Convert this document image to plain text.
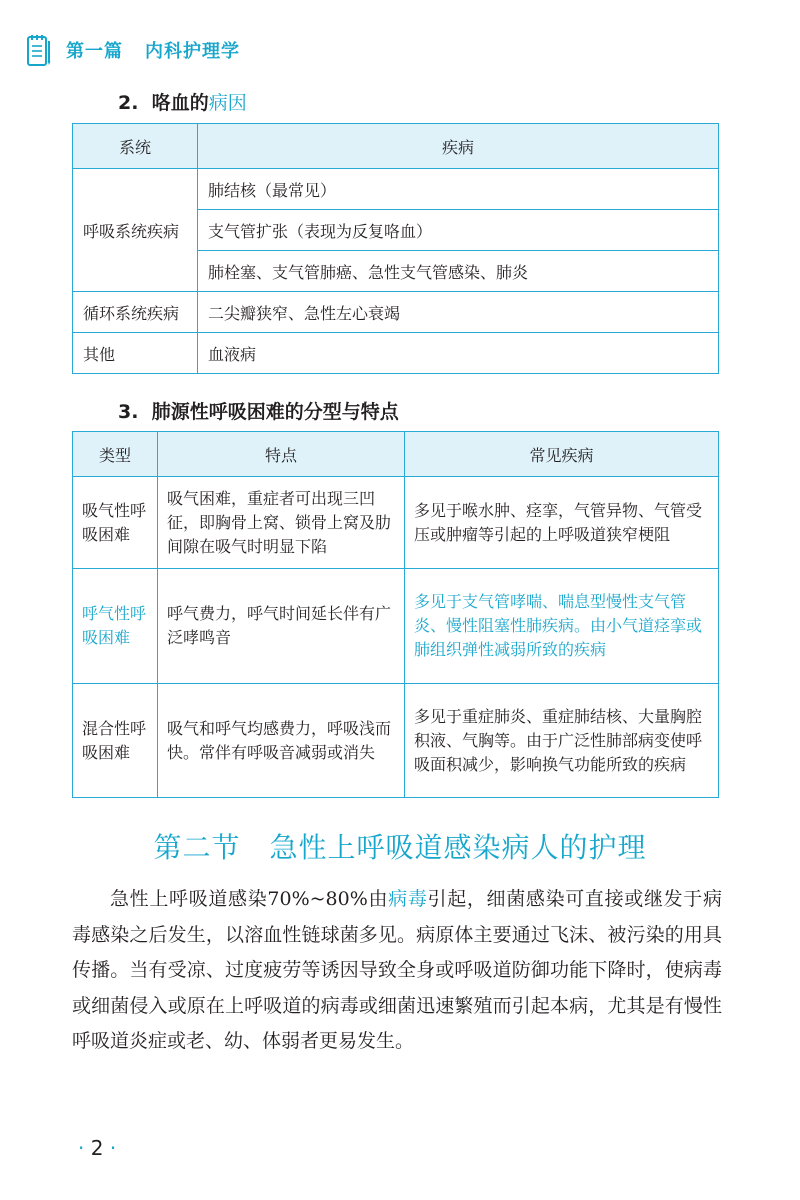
第一篇 内科护理学
2. 咯血的病因
系统	疾病
呼吸系统疾病	肺结核（最常见）
	支气管扩张（表现为反复咯血）
	肺栓塞、支气管肺癌、急性支气管感染、肺炎
循环系统疾病	二尖瓣狭窄、急性左心衰竭
其他	血液病
3. 肺源性呼吸困难的分型与特点
类型	特点	常见疾病
吸气性呼吸困难	吸气困难，重症者可出现三凹征，即胸骨上窝、锁骨上窝及肋间隙在吸气时明显下陷	多见于喉水肿、痉挛，气管异物、气管受压或肿瘤等引起的上呼吸道狭窄梗阻
呼气性呼吸困难	呼气费力，呼气时间延长伴有广泛哮鸣音	多见于支气管哮喘、喘息型慢性支气管炎、慢性阻塞性肺疾病。由小气道痉挛或肺组织弹性减弱所致的疾病
混合性呼吸困难	吸气和呼气均感费力，呼吸浅而快。常伴有呼吸音减弱或消失	多见于重症肺炎、重症肺结核、大量胸腔积液、气胸等。由于广泛性肺部病变使呼吸面积减少，影响换气功能所致的疾病
第二节　急性上呼吸道感染病人的护理
急性上呼吸道感染70%~80%由病毒引起，细菌感染可直接或继发于病毒感染之后发生，以溶血性链球菌多见。病原体主要通过飞沫、被污染的用具传播。当有受凉、过度疲劳等诱因导致全身或呼吸道防御功能下降时，使病毒或细菌侵入或原在上呼吸道的病毒或细菌迅速繁殖而引起本病，尤其是有慢性呼吸道炎症或老、幼、体弱者更易发生。
· 2 ·
